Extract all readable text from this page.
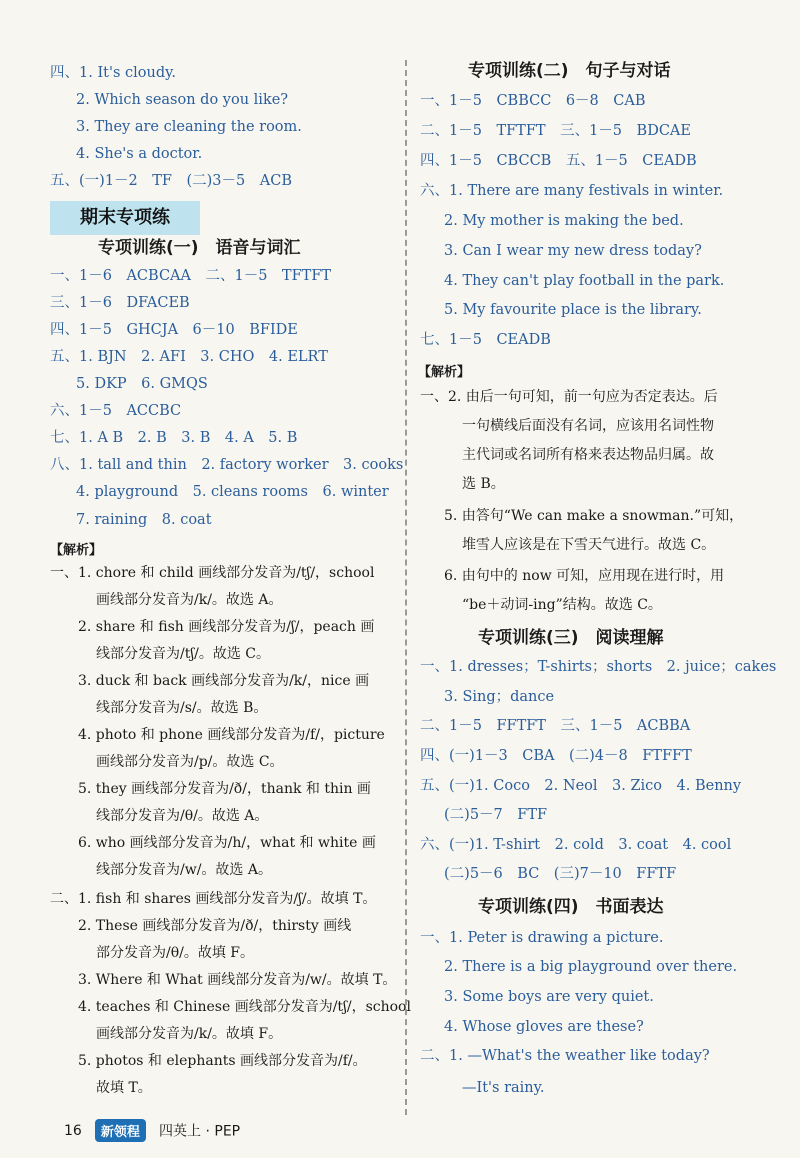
四、1. It's cloudy.
2. Which season do you like?
3. They are cleaning the room.
4. She's a doctor.
五、(一)1－2　TF　(二)3－5　ACB
期末专项练
专项训练(一)　语音与词汇
一、1－6　ACBCAA　二、1－5　TFTFT
三、1－6　DFACEB
四、1－5　GHCJA　6－10　BFIDE
五、1. BJN　2. AFI　3. CHO　4. ELRT
5. DKP　6. GMQS
六、1－5　ACCBC
七、1. A B　2. B　3. B　4. A　5. B
八、1. tall and thin　2. factory worker　3. cooks
4. playground　5. cleans rooms　6. winter
7. raining　8. coat
【解析】
一、1. chore 和 child 画线部分发音为/tʃ/，school
画线部分发音为/k/。故选 A。
2. share 和 fish 画线部分发音为/ʃ/，peach 画
线部分发音为/tʃ/。故选 C。
3. duck 和 back 画线部分发音为/k/，nice 画
线部分发音为/s/。故选 B。
4. photo 和 phone 画线部分发音为/f/，picture
画线部分发音为/p/。故选 C。
5. they 画线部分发音为/ð/，thank 和 thin 画
线部分发音为/θ/。故选 A。
6. who 画线部分发音为/h/，what 和 white 画
线部分发音为/w/。故选 A。
二、1. fish 和 shares 画线部分发音为/ʃ/。故填 T。
2. These 画线部分发音为/ð/，thirsty 画线
部分发音为/θ/。故填 F。
3. Where 和 What 画线部分发音为/w/。故填 T。
4. teaches 和 Chinese 画线部分发音为/tʃ/，school
画线部分发音为/k/。故填 F。
5. photos 和 elephants 画线部分发音为/f/。
故填 T。
专项训练(二)　句子与对话
一、1－5　CBBCC　6－8　CAB
二、1－5　TFTFT　三、1－5　BDCAE
四、1－5　CBCCB　五、1－5　CEADB
六、1. There are many festivals in winter.
2. My mother is making the bed.
3. Can I wear my new dress today?
4. They can't play football in the park.
5. My favourite place is the library.
七、1－5　CEADB
【解析】
一、2. 由后一句可知，前一句应为否定表达。后
一句横线后面没有名词，应该用名词性物
主代词或名词所有格来表达物品归属。故
选 B。
5. 由答句“We can make a snowman.”可知，
堆雪人应该是在下雪天气进行。故选 C。
6. 由句中的 now 可知，应用现在进行时，用
“be＋动词-ing”结构。故选 C。
专项训练(三)　阅读理解
一、1. dresses；T-shirts；shorts　2. juice；cakes
3. Sing；dance
二、1－5　FFTFT　三、1－5　ACBBA
四、(一)1－3　CBA　(二)4－8　FTFFT
五、(一)1. Coco　2. Neol　3. Zico　4. Benny
(二)5－7　FTF
六、(一)1. T-shirt　2. cold　3. coat　4. cool
(二)5－6　BC　(三)7－10　FFTF
专项训练(四)　书面表达
一、1. Peter is drawing a picture.
2. There is a big playground over there.
3. Some boys are very quiet.
4. Whose gloves are these?
二、1. —What's the weather like today?
—It's rainy.
16 新领程 四英上 · PEP
